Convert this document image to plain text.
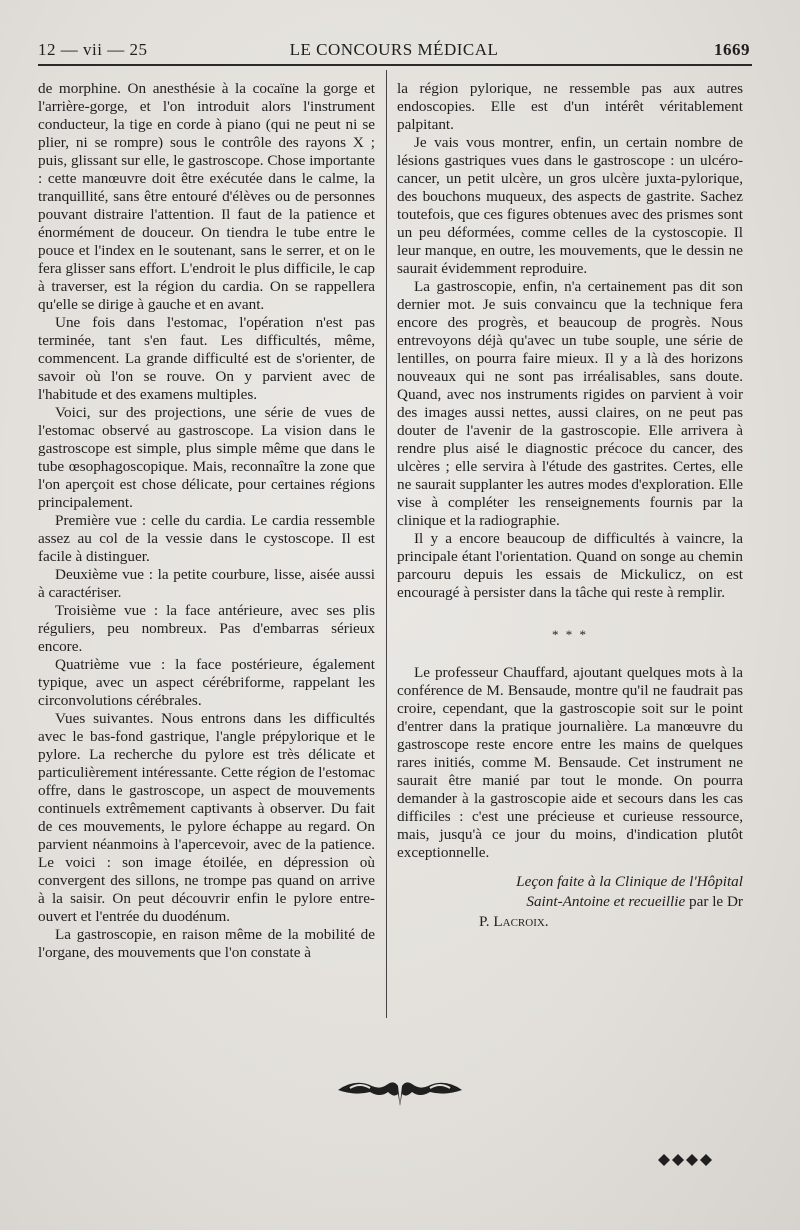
12 — vii — 25	LE CONCOURS MÉDICAL	1669

de morphine. On anesthésie à la cocaïne la gorge et l'arrière-gorge, et l'on introduit alors l'instrument conducteur, la tige en corde à piano (qui ne peut ni se plier, ni se rompre) sous le contrôle des rayons X ; puis, glissant sur elle, le gastroscope. Chose importante : cette manœuvre doit être exécutée dans le calme, la tranquillité, sans être entouré d'élèves ou de personnes pouvant distraire l'attention. Il faut de la patience et énormément de douceur. On tiendra le tube entre le pouce et l'index en le soutenant, sans le serrer, et on le fera glisser sans effort. L'endroit le plus difficile, le cap à traverser, est la région du cardia. On se rappellera qu'elle se dirige à gauche et en avant.

Une fois dans l'estomac, l'opération n'est pas terminée, tant s'en faut. Les difficultés, même, commencent. La grande difficulté est de s'orienter, de savoir où l'on se rouve. On y parvient avec de l'habitude et des examens multiples.

Voici, sur des projections, une série de vues de l'estomac observé au gastroscope. La vision dans le gastroscope est simple, plus simple même que dans le tube œsophagoscopique. Mais, reconnaître la zone que l'on aperçoit est chose délicate, pour certaines régions principalement.

Première vue : celle du cardia. Le cardia ressemble assez au col de la vessie dans le cystoscope. Il est facile à distinguer.

Deuxième vue : la petite courbure, lisse, aisée aussi à caractériser.

Troisième vue : la face antérieure, avec ses plis réguliers, peu nombreux. Pas d'embarras sérieux encore.

Quatrième vue : la face postérieure, également typique, avec un aspect cérébriforme, rappelant les circonvolutions cérébrales.

Vues suivantes. Nous entrons dans les difficultés avec le bas-fond gastrique, l'angle prépylorique et le pylore. La recherche du pylore est très délicate et particulièrement intéressante. Cette région de l'estomac offre, dans le gastroscope, un aspect de mouvements continuels extrêmement captivants à observer. Du fait de ces mouvements, le pylore échappe au regard. On parvient néanmoins à l'apercevoir, avec de la patience. Le voici : son image étoilée, en dépression où convergent des sillons, ne trompe pas quand on arrive à la saisir. On peut découvrir enfin le pylore entre-ouvert et l'entrée du duodénum.

La gastroscopie, en raison même de la mobilité de l'organe, des mouvements que l'on constate à

la région pylorique, ne ressemble pas aux autres endoscopies. Elle est d'un intérêt véritablement palpitant.

Je vais vous montrer, enfin, un certain nombre de lésions gastriques vues dans le gastroscope : un ulcéro-cancer, un petit ulcère, un gros ulcère juxta-pylorique, des bouchons muqueux, des aspects de gastrite. Sachez toutefois, que ces figures obtenues avec des prismes sont un peu déformées, comme celles de la cystoscopie. Il leur manque, en outre, les mouvements, que le dessin ne saurait évidemment reproduire.

La gastroscopie, enfin, n'a certainement pas dit son dernier mot. Je suis convaincu que la technique fera encore des progrès, et beaucoup de progrès. Nous entrevoyons déjà qu'avec un tube souple, une série de lentilles, on pourra faire mieux. Il y a là des horizons nouveaux qui ne sont pas irréalisables, sans doute. Quand, avec nos instruments rigides on parvient à voir des images aussi nettes, aussi claires, on ne peut pas douter de l'avenir de la gastroscopie. Elle arrivera à rendre plus aisé le diagnostic précoce du cancer, des ulcères ; elle servira à l'étude des gastrites. Certes, elle ne saurait supplanter les autres modes d'exploration. Elle vise à compléter les renseignements fournis par la clinique et la radiographie.

Il y a encore beaucoup de difficultés à vaincre, la principale étant l'orientation. Quand on songe au chemin parcouru depuis les essais de Mickulicz, on est encouragé à persister dans la tâche qui reste à remplir.

* * *

Le professeur Chauffard, ajoutant quelques mots à la conférence de M. Bensaude, montre qu'il ne faudrait pas croire, cependant, que la gastroscopie soit sur le point d'entrer dans la pratique journalière. La manœuvre du gastroscope reste encore entre les mains de quelques rares initiés, comme M. Bensaude. Cet instrument ne saurait être manié par tout le monde. On pourra demander à la gastroscopie aide et secours dans les cas difficiles : c'est une précieuse et curieuse ressource, mais, jusqu'à ce jour du moins, d'indication plutôt exceptionnelle.

Leçon faite à la Clinique de l'Hôpital
Saint-Antoine et recueillie par le Dr
P. Lacroix.
